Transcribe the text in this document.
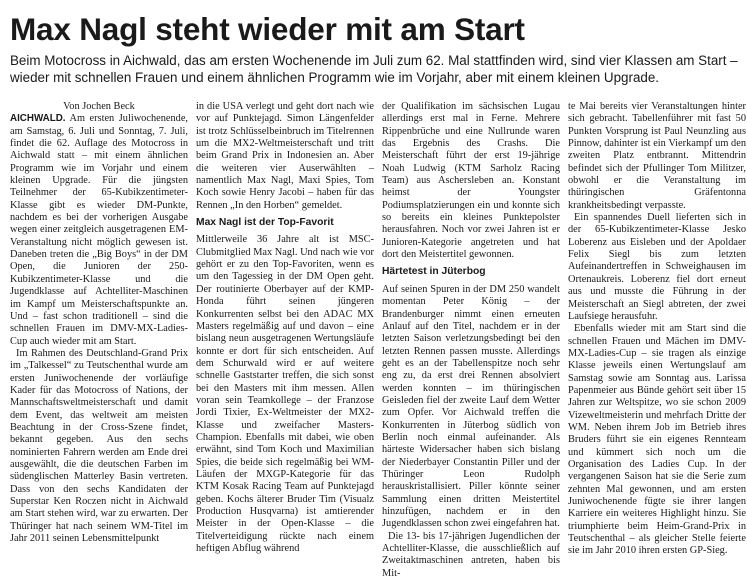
Max Nagl steht wieder mit am Start
Beim Motocross in Aichwald, das am ersten Wochenende im Juli zum 62. Mal stattfinden wird, sind vier Klassen am Start –
wieder mit schnellen Frauen und einem ähnlichen Programm wie im Vorjahr, aber mit einem kleinen Upgrade.
Von Jochen Beck

AICHWALD. Am ersten Juliwochenende, am Samstag, 6. Juli und Sonntag, 7. Juli, findet die 62. Auflage des Motocross in Aichwald statt – mit einem ähnlichen Programm wie im Vorjahr und einem kleinen Upgrade. Für die jüngsten Teilnehmer der 65-Kubikzentimeter-Klasse gibt es wieder DM-Punkte, nachdem es bei der vorherigen Ausgabe wegen einer zeitgleich ausgetragenen EM-Veranstaltung nicht möglich gewesen ist. Daneben treten die „Big Boys“ in der DM Open, die Junioren der 250-Kubikzentimeter-Klasse und die Jugendklasse auf Achtelliter-Maschinen im Kampf um Meisterschaftspunkte an. Und – fast schon traditionell – sind die schnellen Frauen im DMV-MX-Ladies-Cup auch wieder mit am Start.

Im Rahmen des Deutschland-Grand Prix im „Talkessel“ zu Teutschenthal wurde am ersten Juniwochenende der vorläufige Kader für das Motocross of Nations, der Mannschaftsweltmeisterschaft und damit dem Event, das weltweit am meisten Beachtung in der Cross-Szene findet, bekannt gegeben. Aus den sechs nominierten Fahrern werden am Ende drei ausgewählt, die die deutschen Farben im südenglischen Matterley Basin vertreten. Dass von den sechs Kandidaten der Superstar Ken Roczen nicht in Aichwald am Start stehen wird, war zu erwarten. Der Thüringer hat nach seinem WM-Titel im Jahr 2011 seinen Lebensmittelpunkt

in die USA verlegt und geht dort nach wie vor auf Punktejagd. Simon Längenfelder ist trotz Schlüsselbeinbruch im Titelrennen um die MX2-Weltmeisterschaft und tritt beim Grand Prix in Indonesien an. Aber die weiteren vier Auserwählten – namentlich Max Nagl, Maxi Spies, Tom Koch sowie Henry Jacobi – haben für das Rennen „In den Horben“ gemeldet.

Max Nagl ist der Top-Favorit

Mittlerweile 36 Jahre alt ist MSC-Clubmitglied Max Nagl. Und nach wie vor gehört er zu den Top-Favoriten, wenn es um den Tagessieg in der DM Open geht. Der routinierte Oberbayer auf der KMP-Honda führt seinen jüngeren Konkurrenten selbst bei den ADAC MX Masters regelmäßig auf und davon – eine bislang neun ausgetragenen Wertungsläufe konnte er dort für sich entscheiden. Auf dem Schurwald wird er auf weitere schnelle Gaststarter treffen, die sich sonst bei den Masters mit ihm messen. Allen voran sein Teamkollege – der Franzose Jordi Tixier, Ex-Weltmeister der MX2-Klasse und zweifacher Masters-Champion. Ebenfalls mit dabei, wie oben erwähnt, sind Tom Koch und Maximilian Spies, die beide sich regelmäßig bei WM-Läufen der MXGP-Kategorie für das KTM Kosak Racing Team auf Punktejagd geben. Kochs älterer Bruder Tim (Visualz Production Husqvarna) ist amtierender Meister in der Open-Klasse – die Titelverteidigung rückte nach einem heftigen Abflug während

der Qualifikation im sächsischen Lugau allerdings erst mal in Ferne. Mehrere Rippenbrüche und eine Nullrunde waren das Ergebnis des Crashs. Die Meisterschaft führt der erst 19-jährige Noah Ludwig (KTM Sarholz Racing Team) aus Aschersleben an. Konstant heimst der Youngster Podiumsplatzierungen ein und konnte sich so bereits ein kleines Punktepolster herausfahren. Noch vor zwei Jahren ist er Junioren-Kategorie angetreten und hat dort den Meistertitel gewonnen.

Härtetest in Jüterbog

Auf seinen Spuren in der DM 250 wandelt momentan Peter König – der Brandenburger nimmt einen erneuten Anlauf auf den Titel, nachdem er in der letzten Saison verletzungsbedingt bei den letzten Rennen passen musste. Allerdings geht es an der Tabellenspitze noch sehr eng zu, da erst drei Rennen absolviert werden konnten – im thüringischen Geisleden fiel der zweite Lauf dem Wetter zum Opfer. Vor Aichwald treffen die Konkurrenten in Jüterbog südlich von Berlin noch einmal aufeinander. Als härteste Widersacher haben sich bislang der Niederbayer Constantin Piller und der Thüringer Leon Rudolph herauskristallisiert. Piller könnte seiner Sammlung einen dritten Meistertitel hinzufügen, nachdem er in den Jugendklassen schon zwei eingefahren hat.

Die 13- bis 17-jährigen Jugendlichen der Achtelliter-Klasse, die ausschließlich auf Zweitaktmaschinen antreten, haben bis Mit-

te Mai bereits vier Veranstaltungen hinter sich gebracht. Tabellenführer mit fast 50 Punkten Vorsprung ist Paul Neunzling aus Pinnow, dahinter ist ein Vierkampf um den zweiten Platz entbrannt. Mittendrin befindet sich der Pfullinger Tom Militzer, obwohl er die Veranstaltung im thüringischen Gräfentonna krankheitsbedingt verpasste.

Ein spannendes Duell lieferten sich in der 65-Kubikzentimeter-Klasse Jesko Loberenz aus Eisleben und der Apoldaer Felix Siegl bis zum letzten Aufeinandertreffen in Schweighausen im Ortenaukreis. Loberenz fiel dort erneut aus und musste die Führung in der Meisterschaft an Siegl abtreten, der zwei Laufsiege herausfuhr.

Ebenfalls wieder mit am Start sind die schnellen Frauen und Mächen im DMV-MX-Ladies-Cup – sie tragen als einzige Klasse jeweils einen Wertungslauf am Samstag sowie am Sonntag aus. Larissa Papenmeier aus Bünde gehört seit über 15 Jahren zur Weltspitze, wo sie schon 2009 Vizeweltmeisterin und mehrfach Dritte der WM. Neben ihrem Job im Betrieb ihres Bruders führt sie ein eigenes Rennteam und kümmert sich noch um die Organisation des Ladies Cup. In der vergangenen Saison hat sie die Serie zum zehnten Mal gewonnen, und am ersten Juniwochenende fügte sie ihrer langen Karriere ein weiteres Highlight hinzu. Sie triumphierte beim Heim-Grand-Prix in Teutschenthal – als gleicher Stelle feierte sie im Jahr 2010 ihren ersten GP-Sieg.
